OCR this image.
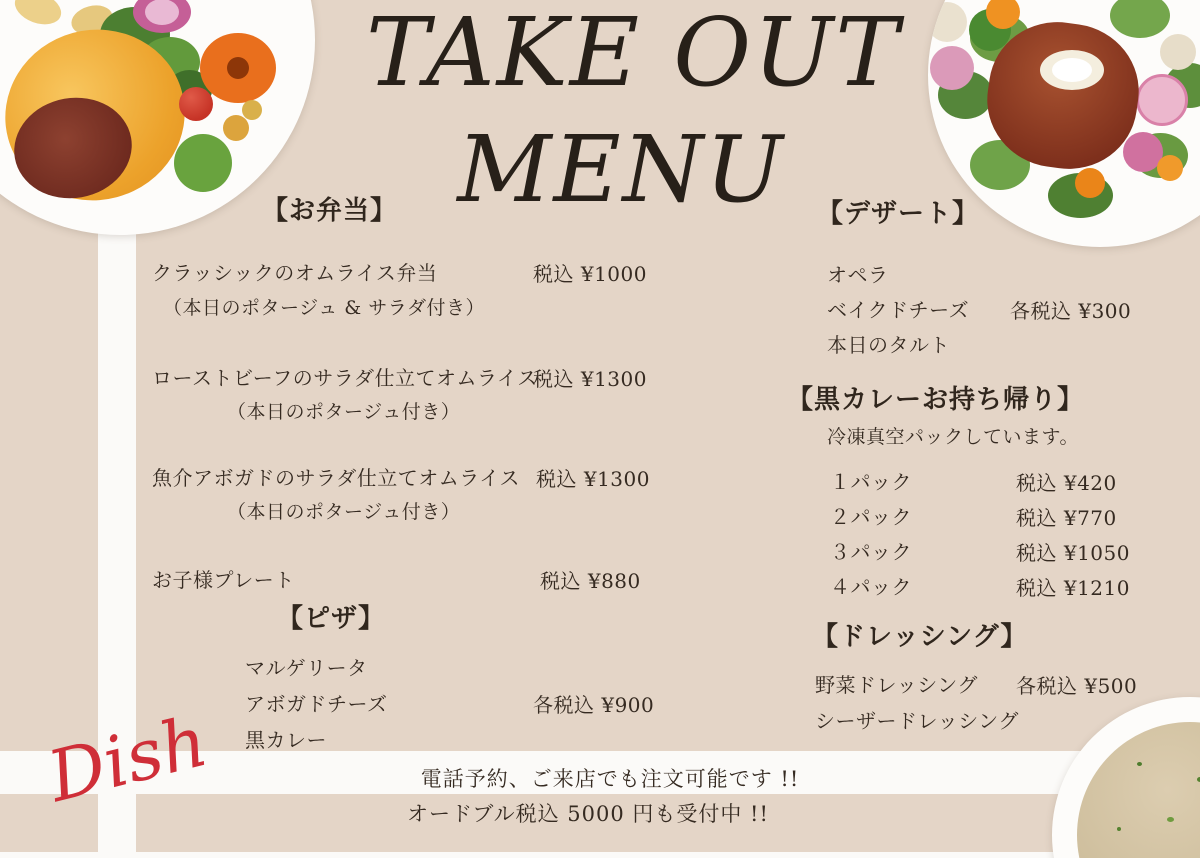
TAKE OUT
MENU
【お弁当】
クラッシックのオムライス弁当	税込 ¥1000
（本日のポタージュ & サラダ付き）
ローストビーフのサラダ仕立てオムライス
税込 ¥1300
（本日のポタージュ付き）
魚介アボガドのサラダ仕立てオムライス 税込 ¥1300
（本日のポタージュ付き）
お子様プレート	税込 ¥880
【ピザ】
マルゲリータ
アボガドチーズ	各税込 ¥900
黒カレー
【デザート】
オペラ
ベイクドチーズ 各税込 ¥300
本日のタルト
【黒カレーお持ち帰り】
冷凍真空パックしています。
１パック	税込 ¥420
２パック	税込 ¥770
３パック	税込 ¥1050
４パック	税込 ¥1210
【ドレッシング】
野菜ドレッシング 各税込 ¥500
シーザードレッシング
電話予約、ご来店でも注文可能です !!
オードブル税込 5000 円も受付中 !!
Dish
